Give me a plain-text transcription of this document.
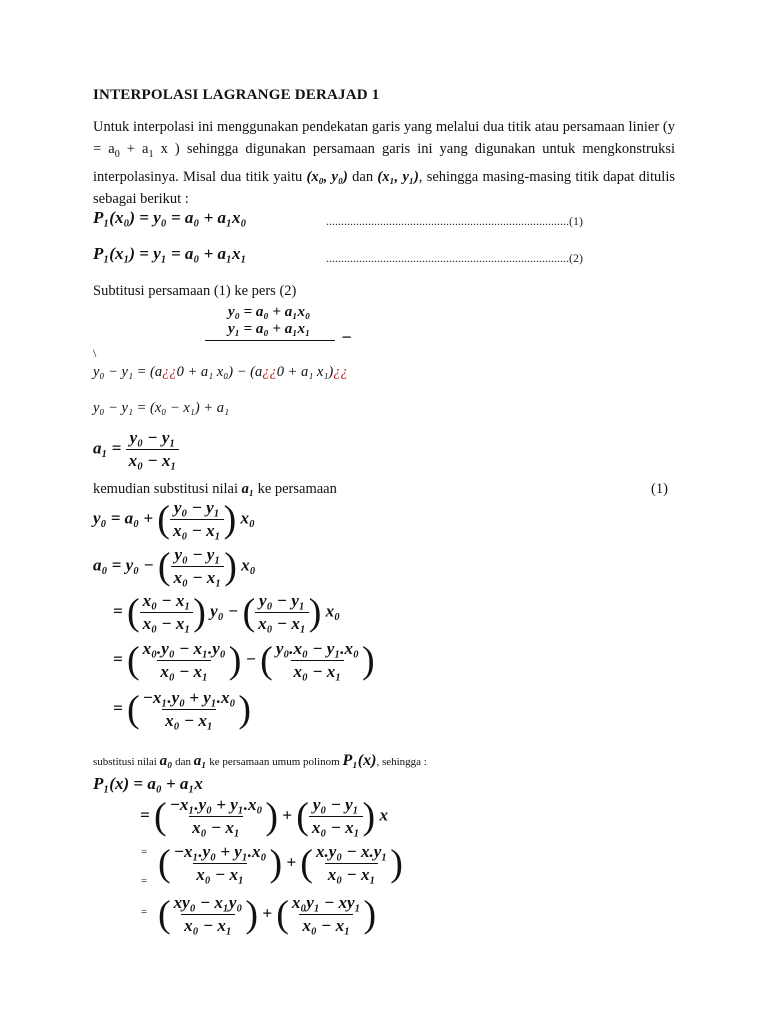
INTERPOLASI LAGRANGE DERAJAD 1
Untuk interpolasi ini menggunakan pendekatan garis yang melalui dua titik atau persamaan linier ($y = a_0 + a_1$ x ) sehingga digunakan persamaan garis ini yang digunakan untuk mengkonstruksi interpolasinya. Misal dua titik yaitu (x₀, y₀) dan (x₁, y₁), sehingga masing-masing titik dapat ditulis sebagai berikut :
P₁(x₀) = y₀ = a₀ + a₁x₀	.................................................................................(1)
P₁(x₁) = y₁ = a₀ + a₁x₁	.................................................................................(2)
Subtitusi persamaan (1) ke pers (2)
y₀ = a₀ + a₁x₀
y₁ = a₀ + a₁x₁ −
\
y₀ − y₁ = (a¿¿0 + a₁ x₀) − (a¿¿0 + a₁ x₁)¿¿
y₀ − y₁ = (x₀ − x₁) + a₁
$a_1 = \frac{\text{y₀ − y₁}}{\text{x₀ − x₁}}$
kemudian substitusi nilai a₁ ke persamaan	(1)
y₀ = a₀ + ( $\frac{\text{y₀ − y₁}}{\text{x₀ − x₁}}$ ) x₀
a₀ = y₀ − ( $\frac{\text{y₀ − y₁}}{\text{x₀ − x₁}}$ ) x₀
= ( $\frac{\text{x₀ − x₁}}{\text{x₀ − x₁}}$ ) y₀ − ( $\frac{\text{y₀ − y₁}}{\text{x₀ − x₁}}$ ) x₀
= ( $\frac{\text{x₀.y₀ − x₁.y₀}}{\text{x₀ − x₁}}$ ) − ( $\frac{\text{y₀.x₀ − y₁.x₀}}{\text{x₀ − x₁}}$ )
= ( $\frac{\text{−x₁.y₀ + y₁.x₀}}{\text{x₀ − x₁}}$ )
substitusi nilai a₀ dan a₁ ke persamaan umum polinom P₁(x), sehingga :
P₁(x) = a₀ + a₁x
= ( $\frac{\text{−x₁.y₀ + y₁.x₀}}{\text{x₀ − x₁}}$ ) + ( $\frac{\text{y₀ − y₁}}{\text{x₀ − x₁}}$ ) x
=
= ( $\frac{\text{−x₁.y₀ + y₁.x₀}}{\text{x₀ − x₁}}$ ) + ( $\frac{\text{x.y₀ − x.y₁}}{\text{x₀ − x₁}}$ )
= ( $\frac{\text{xy₀ − x₁y₀}}{\text{x₀ − x₁}}$ ) + ( $\frac{\text{x₀y₁ − xy₁}}{\text{x₀ − x₁}}$ )
